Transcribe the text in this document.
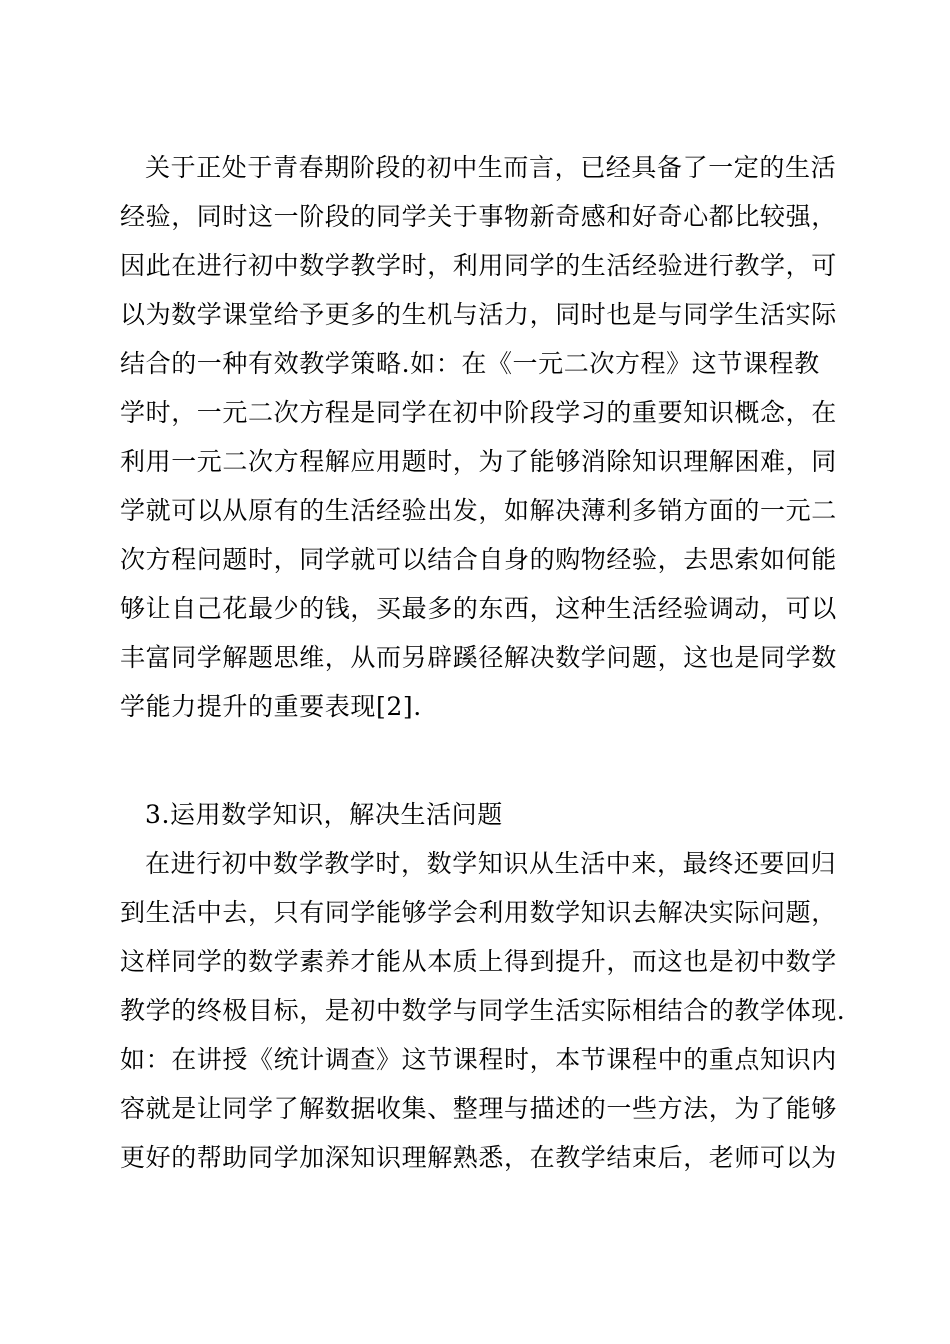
关于正处于青春期阶段的初中生而言，已经具备了一定的生活
经验，同时这一阶段的同学关于事物新奇感和好奇心都比较强，
因此在进行初中数学教学时，利用同学的生活经验进行教学，可
以为数学课堂给予更多的生机与活力，同时也是与同学生活实际
结合的一种有效教学策略.如：在《一元二次方程》这节课程教
学时，一元二次方程是同学在初中阶段学习的重要知识概念，在
利用一元二次方程解应用题时，为了能够消除知识理解困难，同
学就可以从原有的生活经验出发，如解决薄利多销方面的一元二
次方程问题时，同学就可以结合自身的购物经验，去思索如何能
够让自己花最少的钱，买最多的东西，这种生活经验调动，可以
丰富同学解题思维，从而另辟蹊径解决数学问题，这也是同学数
学能力提升的重要表现[2].
3.运用数学知识，解决生活问题
在进行初中数学教学时，数学知识从生活中来，最终还要回归
到生活中去，只有同学能够学会利用数学知识去解决实际问题，
这样同学的数学素养才能从本质上得到提升，而这也是初中数学
教学的终极目标，是初中数学与同学生活实际相结合的教学体现.
如：在讲授《统计调查》这节课程时，本节课程中的重点知识内
容就是让同学了解数据收集、整理与描述的一些方法，为了能够
更好的帮助同学加深知识理解熟悉，在教学结束后，老师可以为
